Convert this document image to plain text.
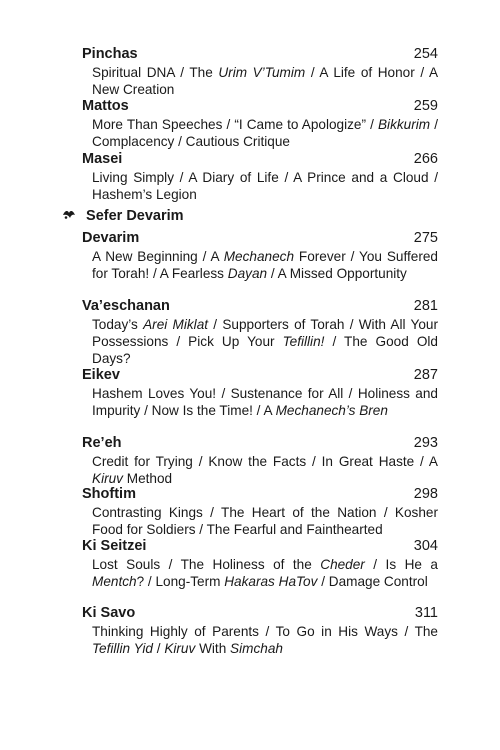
Pinchas	254
Spiritual DNA / The Urim V’Tumim / A Life of Honor / A New Creation
Mattos	259
More Than Speeches / “I Came to Apologize” / Bikkurim / Complacency / Cautious Critique
Masei	266
Living Simply / A Diary of Life / A Prince and a Cloud / Hashem’s Legion
Sefer Devarim
Devarim	275
A New Beginning / A Mechanech Forever / You Suffered for Torah! / A Fearless Dayan / A Missed Opportunity
Va’eschanan	281
Today’s Arei Miklat / Supporters of Torah / With All Your Possessions / Pick Up Your Tefillin! / The Good Old Days?
Eikev	287
Hashem Loves You! / Sustenance for All / Holiness and Impurity / Now Is the Time! / A Mechanech’s Bren
Re’eh	293
Credit for Trying / Know the Facts / In Great Haste / A Kiruv Method
Shoftim	298
Contrasting Kings / The Heart of the Nation / Kosher Food for Soldiers / The Fearful and Fainthearted
Ki Seitzei	304
Lost Souls / The Holiness of the Cheder / Is He a Mentch? / Long-Term Hakaras HaTov / Damage Control
Ki Savo	311
Thinking Highly of Parents / To Go in His Ways / The Tefillin Yid / Kiruv With Simchah
